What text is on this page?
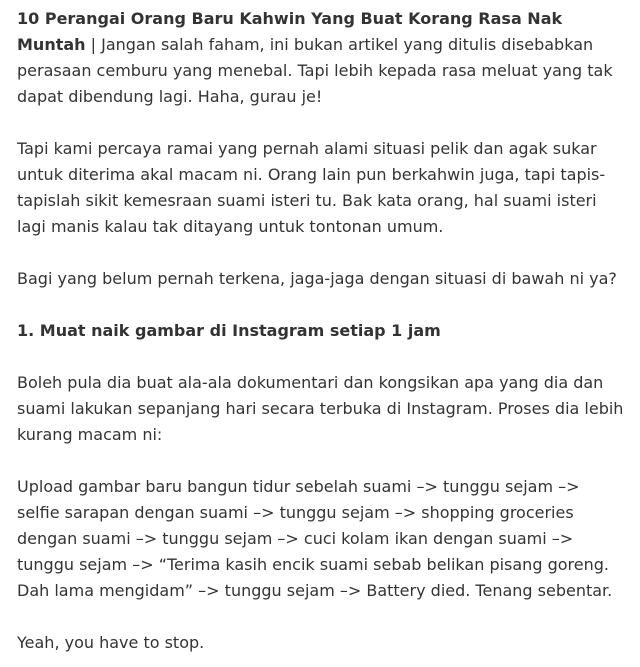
10 Perangai Orang Baru Kahwin Yang Buat Korang Rasa Nak Muntah | Jangan salah faham, ini bukan artikel yang ditulis disebabkan perasaan cemburu yang menebal. Tapi lebih kepada rasa meluat yang tak dapat dibendung lagi. Haha, gurau je!

Tapi kami percaya ramai yang pernah alami situasi pelik dan agak sukar untuk diterima akal macam ni. Orang lain pun berkahwin juga, tapi tapis-tapislah sikit kemesraan suami isteri tu. Bak kata orang, hal suami isteri lagi manis kalau tak ditayang untuk tontonan umum.

Bagi yang belum pernah terkena, jaga-jaga dengan situasi di bawah ni ya?

1. Muat naik gambar di Instagram setiap 1 jam

Boleh pula dia buat ala-ala dokumentari dan kongsikan apa yang dia dan suami lakukan sepanjang hari secara terbuka di Instagram. Proses dia lebih kurang macam ni:

Upload gambar baru bangun tidur sebelah suami –> tunggu sejam –> selfie sarapan dengan suami –> tunggu sejam –> shopping groceries dengan suami –> tunggu sejam –> cuci kolam ikan dengan suami –> tunggu sejam –> “Terima kasih encik suami sebab belikan pisang goreng. Dah lama mengidam” –> tunggu sejam –> Battery died. Tenang sebentar.

Yeah, you have to stop.
